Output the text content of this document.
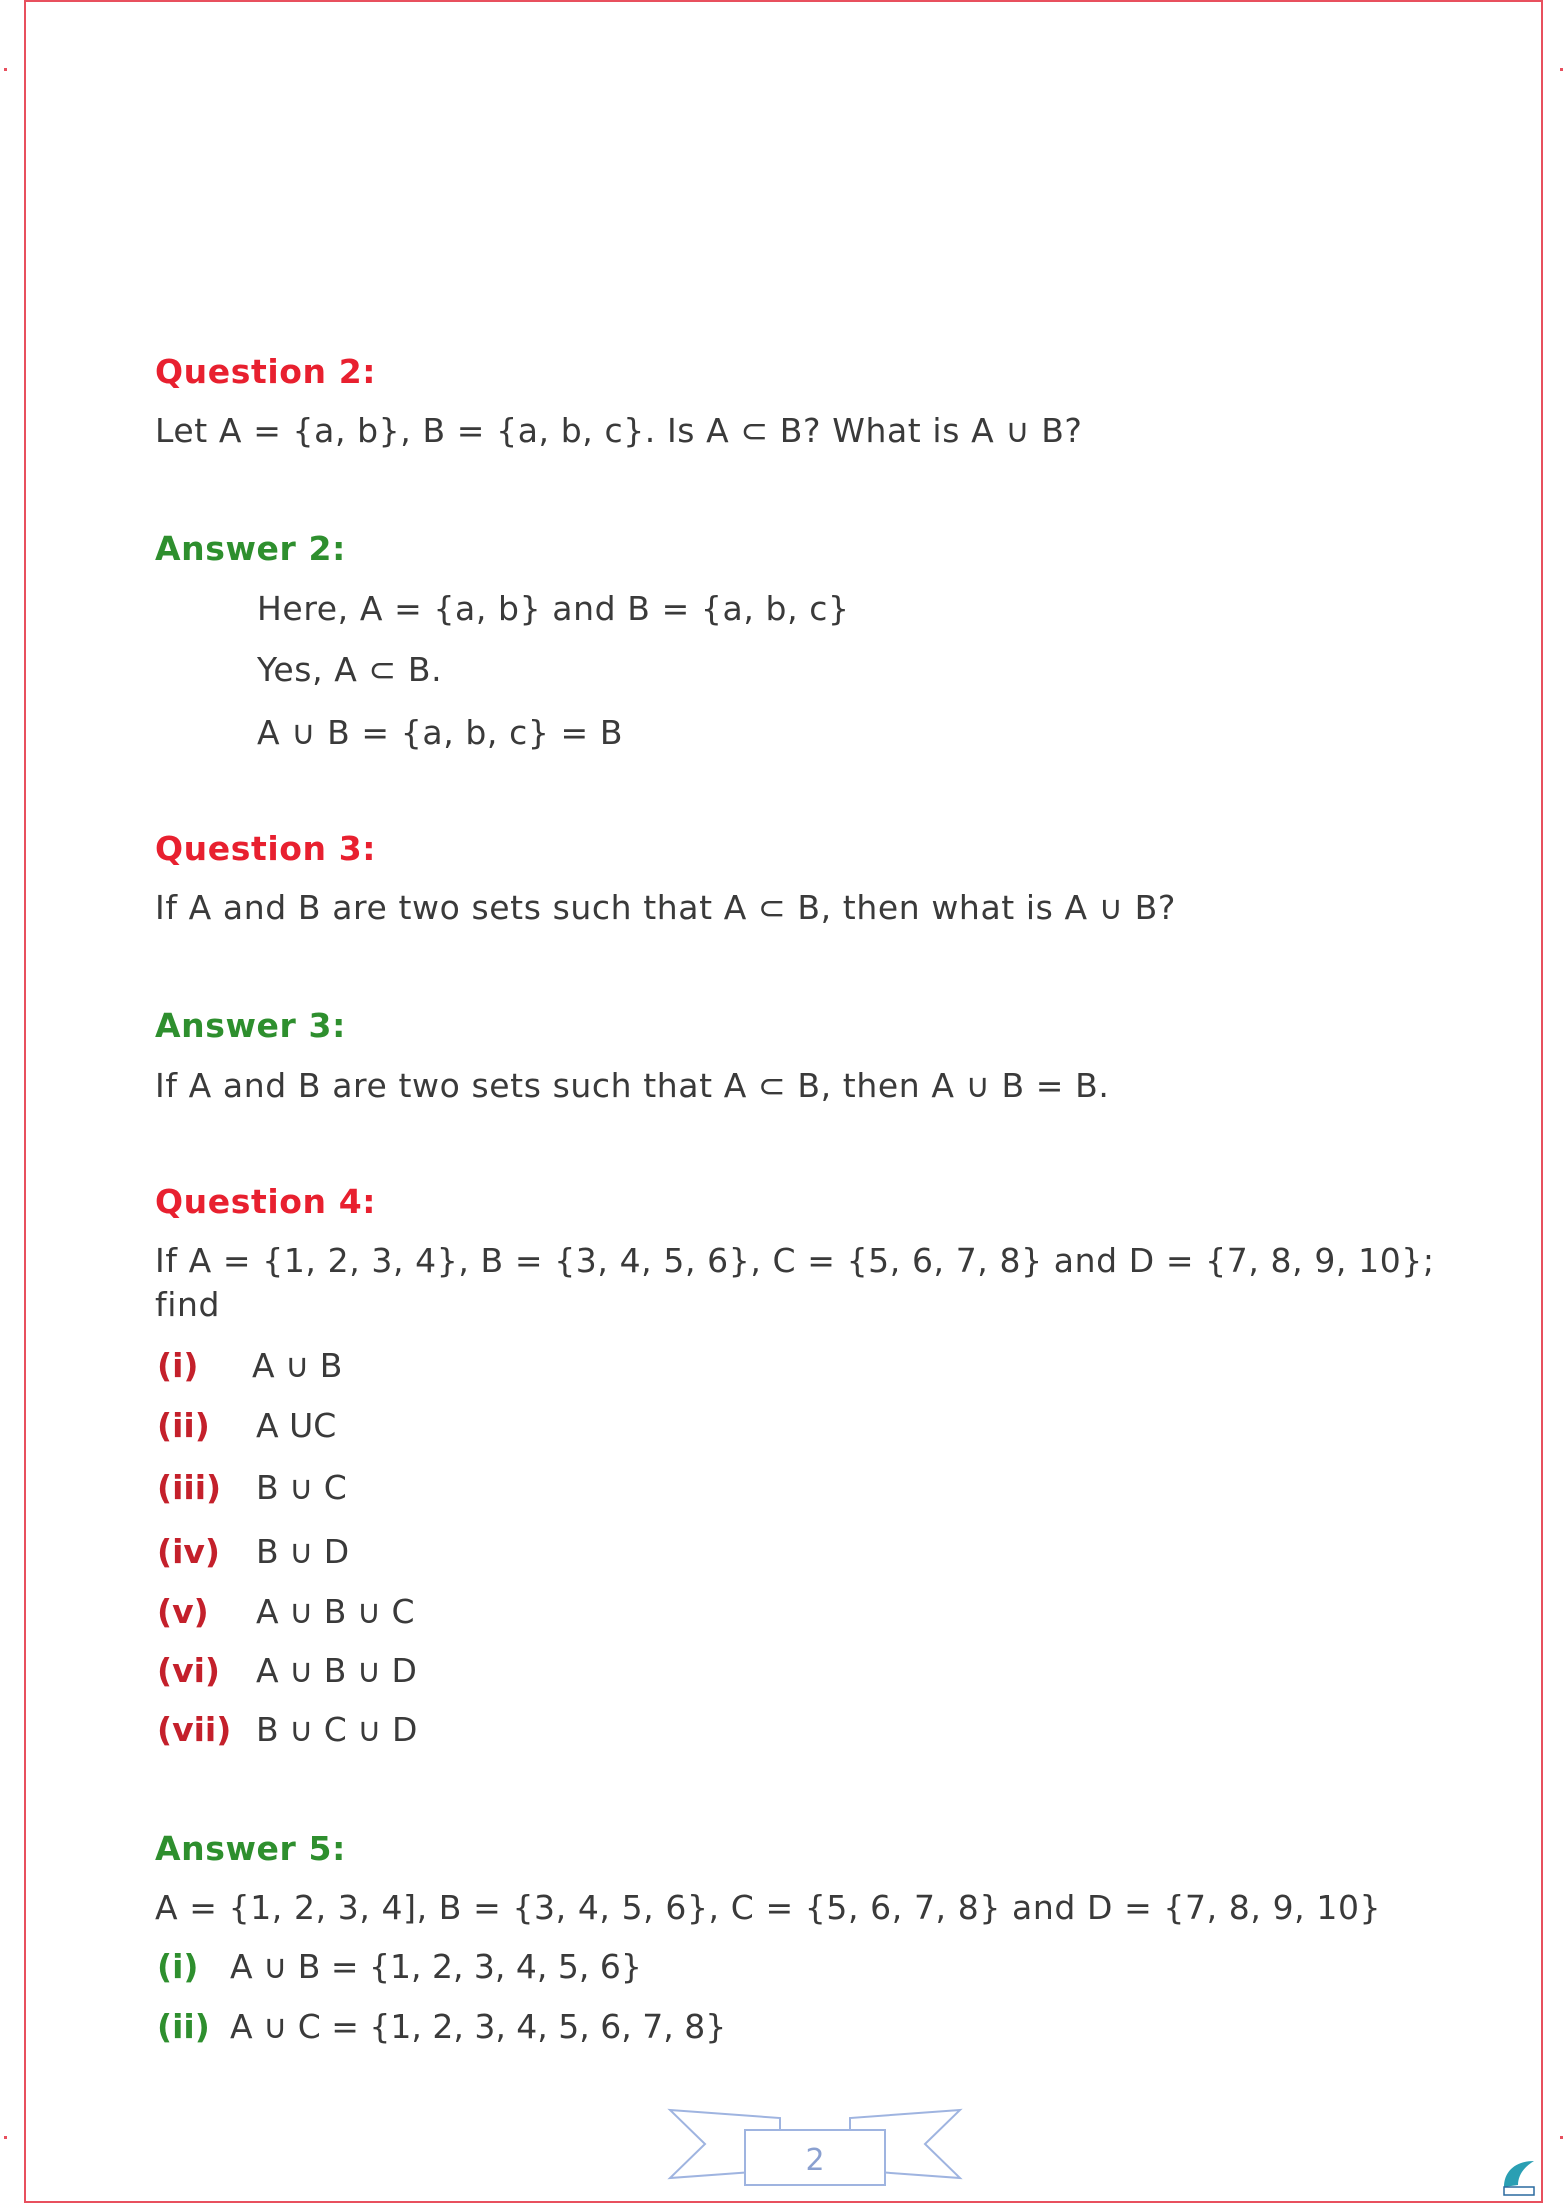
Question 2:
Let A = {a, b}, B = {a, b, c}. Is A ⊂ B? What is A ∪ B?
Answer 2:
Here, A = {a, b} and B = {a, b, c}
Yes, A ⊂ B.
A ∪ B = {a, b, c} = B
Question 3:
If A and B are two sets such that A ⊂ B, then what is A ∪ B?
Answer 3:
If A and B are two sets such that A ⊂ B, then A ∪ B = B.
Question 4:
If A = {1, 2, 3, 4}, B = {3, 4, 5, 6}, C = {5, 6, 7, 8} and D = {7, 8, 9, 10};
find
(i) A ∪ B
(ii) A UC
(iii) B ∪ C
(iv) B ∪ D
(v) A ∪ B ∪ C
(vi) A ∪ B ∪ D
(vii) B ∪ C ∪ D
Answer 5:
A = {1, 2, 3, 4], B = {3, 4, 5, 6}, C = {5, 6, 7, 8} and D = {7, 8, 9, 10}
(i) A ∪ B = {1, 2, 3, 4, 5, 6}
(ii) A ∪ C = {1, 2, 3, 4, 5, 6, 7, 8}
2
